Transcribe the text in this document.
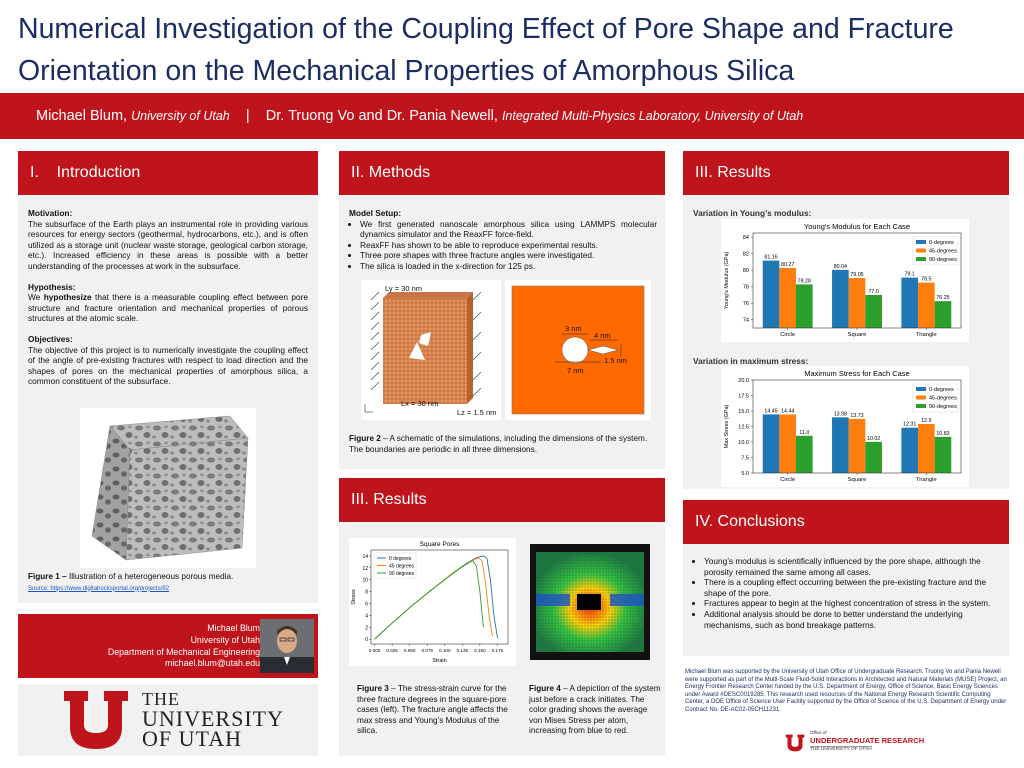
Numerical Investigation of the Coupling Effect of Pore Shape and Fracture Orientation on the Mechanical Properties of Amorphous Silica
Michael Blum, University of Utah | Dr. Truong Vo and Dr. Pania Newell, Integrated Multi-Physics Laboratory, University of Utah
I.    Introduction
Motivation:
The subsurface of the Earth plays an instrumental role in providing various resources for energy sectors (geothermal, hydrocarbons, etc.), and is often utilized as a storage unit (nuclear waste storage, geological carbon storage, etc.). Increased efficiency in these areas is possible with a better understanding of the processes at work in the subsurface.
Hypothesis:
We hypothesize that there is a measurable coupling effect between pore structure and fracture orientation and mechanical properties of porous structures at the atomic scale.
Objectives:
The objective of this project is to numerically investigate the coupling effect of the angle of pre-existing fractures with respect to load direction and the shapes of pores on the mechanical properties of amorphous silica, a common constituent of the subsurface.
Figure 1 – Illustration of a heterogeneous porous media.
Source: https://www.digitalrocksportal.org/projects/92
Michael Blum
University of Utah
Department of Mechanical Engineering
michael.blum@utah.edu
THE
UNIVERSITY
OF UTAH
II. Methods
Model Setup:
• We first generated nanoscale amorphous silica using LAMMPS molecular dynamics simulator and the ReaxFF force-field.
• ReaxFF has shown to be able to reproduce experimental results.
• Three pore shapes with three fracture angles were investigated.
• The silica is loaded in the x-direction for 125 ps.
Ly = 30 nm
Lx = 30 nm
Lz = 1.5 nm
3 nm
4 nm
1.5 nm
7 nm
Figure 2 – A schematic of the simulations, including the dimensions of the system. The boundaries are periodic in all three dimensions.
III. Results
Square Pores
Strain
Stress
0
2
4
6
8
10
12
14
0.000 0.025 0.050 0.075 0.100 0.125 0.150 0.175
0 degrees
45 degrees
90 degrees
Figure 3 – The stress-strain curve for the three fracture degrees in the square-pore cases (left). The fracture angle affects the max stress and Young’s Modulus of the silica.
Figure 4 – A depiction of the system just before a crack initiates. The color grading shows the average von Mises Stress per atom, increasing from blue to red.
III. Results
Variation in Young’s modulus:
Young's Modulus for Each Case
Young's Modulus (GPa)
74
76
78
80
82
84
Circle
81.16
80.27
78.28
Square
80.04
79.05
77.0
Triangle
79.1
78.5
76.25
0-degrees
45-degrees
90-degrees
Variation in maximum stress:
Maximum Stress for Each Case
Max Stress (GPa)
5.0
7.5
10.0
12.5
15.0
17.5
20.0
Circle
14.45 14.44
11.0
Square
13.98 13.73
10.02
Triangle
12.31
12.9
10.83
0-degrees
45-degrees
90-degrees
IV. Conclusions
• Young’s modulus is scientifically influenced by the pore shape, although the porosity remained the same among all cases.
• There is a coupling effect occurring between the pre-existing fracture and the shape of the pore.
• Fractures appear to begin at the highest concentration of stress in the system.
• Additional analysis should be done to better understand the underlying mechanisms, such as bond breakage patterns.
Michael Blum was supported by the University of Utah Office of Undergraduate Research. Truong Vo and Pania Newell were supported as part of the Multi-Scale Fluid-Solid Interactions in Architected and Natural Materials (MUSE) Project, an Energy Frontier Research Center funded by the U.S. Department of Energy, Office of Science, Basic Energy Sciences under Award #DESC0019285. This research used resources of the National Energy Research Scientific Computing Center, a DOE Office of Science User Facility supported by the Office of Science of the U.S. Department of Energy under Contract No. DE-AC02-05CH11231.
Office of
UNDERGRADUATE RESEARCH
THE UNIVERSITY OF UTAH
